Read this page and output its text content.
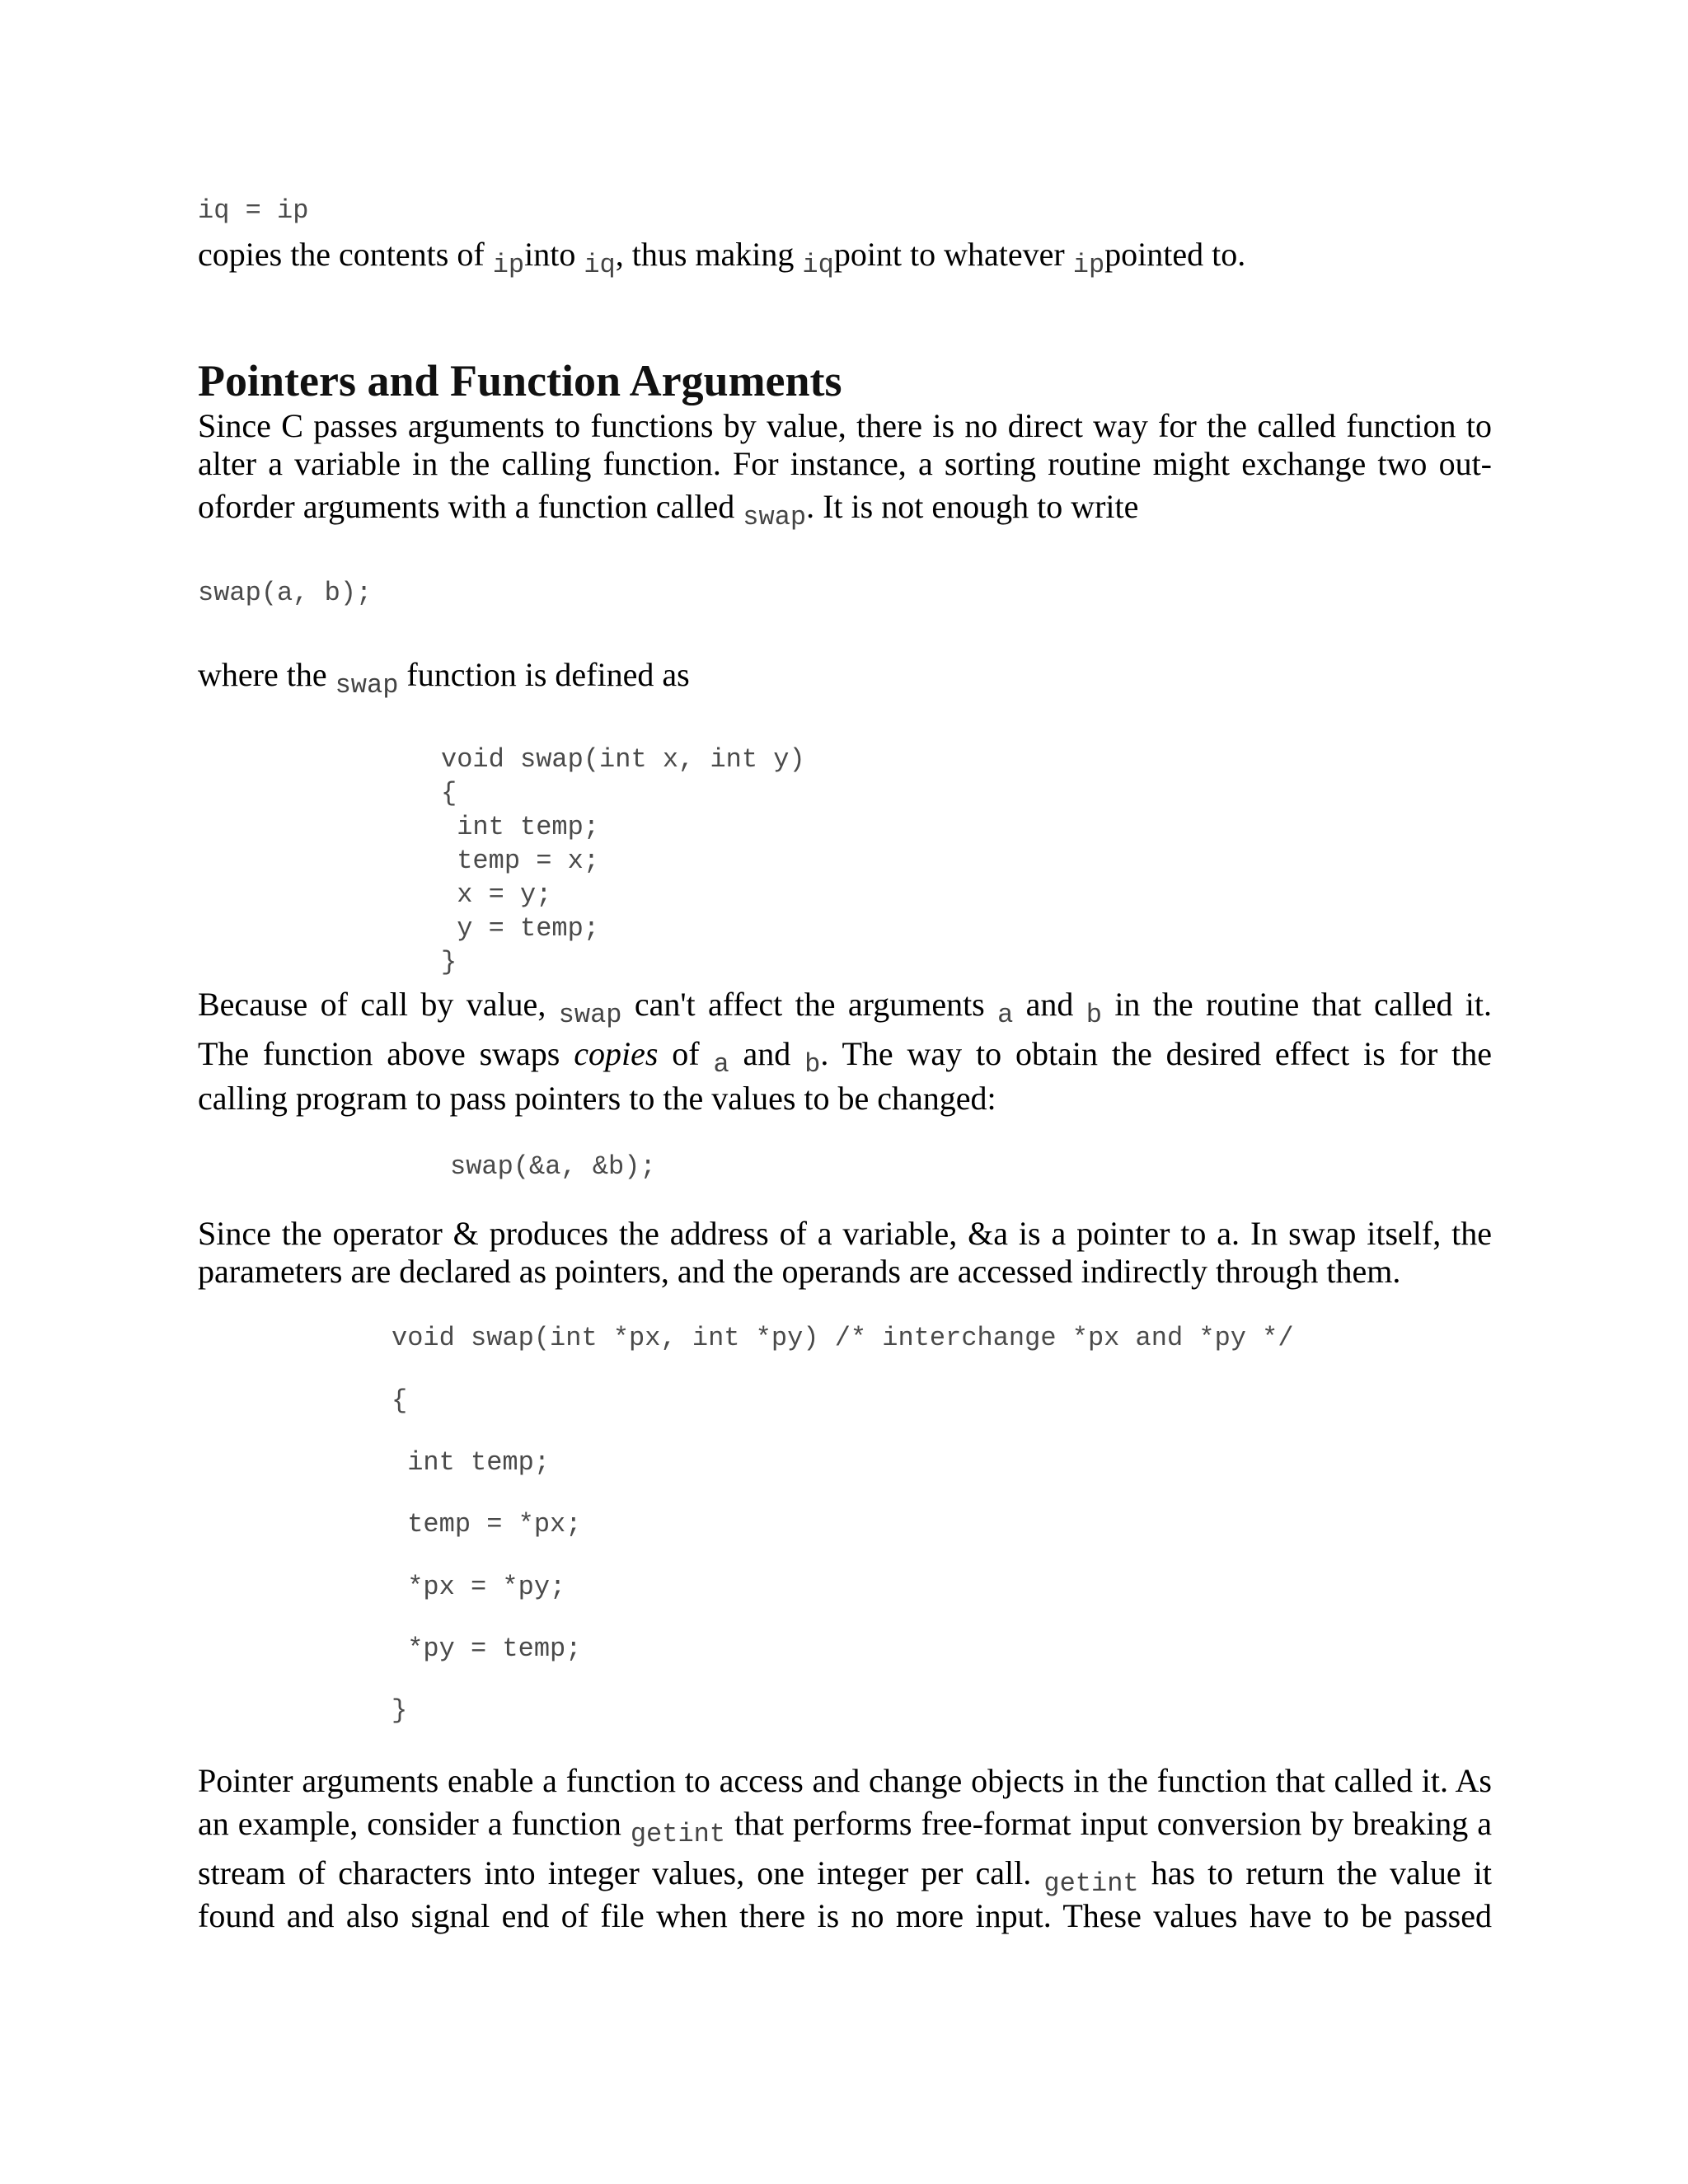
iq = ip
copies the contents of $_{ip}$into $_{iq}$, thus making $_{iq}$point to whatever $_{ip}$pointed to.
Pointers and Function Arguments
Since C passes arguments to functions by value, there is no direct way for the called function to
alter a variable in the calling function. For instance, a sorting routine might exchange two out-
oforder arguments with a function called $_{swap}$. It is not enough to write
swap(a, b);
where the $_{swap}$ function is defined as
void swap(int x, int y)
{
int temp;
temp = x;
x = y;
y = temp;
}
Because of call by value, $_{swap}$ can't affect the arguments $_a$ and $_b$ in the routine that called it.
The function above swaps copies of $_a$ and $_b$. The way to obtain the desired effect is for the
calling program to pass pointers to the values to be changed:
swap(&a, &b);
Since the operator & produces the address of a variable, &a is a pointer to a. In swap itself, the
parameters are declared as pointers, and the operands are accessed indirectly through them.
void swap(int *px, int *py) /* interchange *px and *py */
{
int temp;
temp = *px;
*px = *py;
*py = temp;
}
Pointer arguments enable a function to access and change objects in the function that called it. As
an example, consider a function $_{getint}$ that performs free-format input conversion by breaking a
stream of characters into integer values, one integer per call. $_{getint}$ has to return the value it
found and also signal end of file when there is no more input. These values have to be passed
